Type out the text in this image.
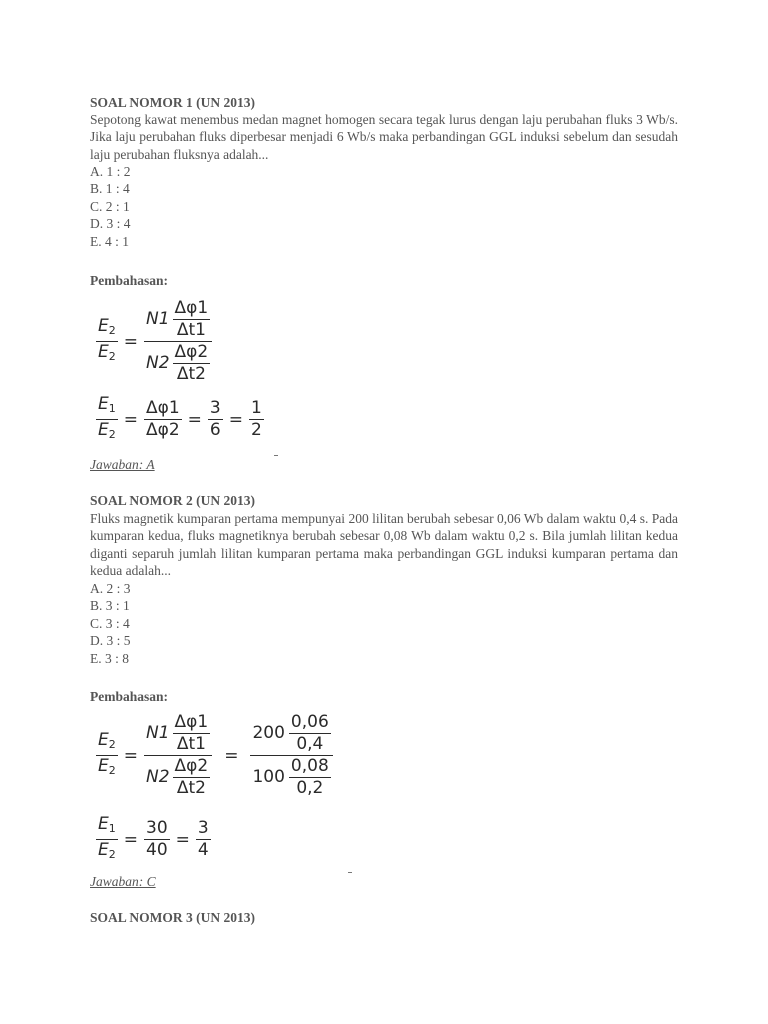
SOAL NOMOR 1 (UN 2013)
Sepotong kawat menembus medan magnet homogen secara tegak lurus dengan laju perubahan fluks 3 Wb/s. Jika laju perubahan fluks diperbesar menjadi 6 Wb/s maka perbandingan GGL induksi sebelum dan sesudah laju perubahan fluksnya adalah...
A. 1 : 2
B. 1 : 4
C. 2 : 1
D. 3 : 4
E. 4 : 1
Pembahasan:
$\frac{E_2}{E_2} = \frac{N1 \frac{\Delta\varphi 1}{\Delta t1}}{N2 \frac{\Delta\varphi 2}{\Delta t2}}$
$\frac{E_1}{E_2} = \frac{\Delta\varphi 1}{\Delta\varphi 2} = \frac{3}{6} = \frac{1}{2}$
Jawaban: A
SOAL NOMOR 2 (UN 2013)
Fluks magnetik kumparan pertama mempunyai 200 lilitan berubah sebesar 0,06 Wb dalam waktu 0,4 s. Pada kumparan kedua, fluks magnetiknya berubah sebesar 0,08 Wb dalam waktu 0,2 s. Bila jumlah lilitan kedua diganti separuh jumlah lilitan kumparan pertama maka perbandingan GGL induksi kumparan pertama dan kedua adalah...
A. 2 : 3
B. 3 : 1
C. 3 : 4
D. 3 : 5
E. 3 : 8
Pembahasan:
$\frac{E_2}{E_2} = \frac{N1 \frac{\Delta\varphi 1}{\Delta t1}}{N2 \frac{\Delta\varphi 2}{\Delta t2}} = \frac{200 \frac{0,06}{0,4}}{100 \frac{0,08}{0,2}}$
$\frac{E_1}{E_2} = \frac{30}{40} = \frac{3}{4}$
Jawaban: C
SOAL NOMOR 3 (UN 2013)
